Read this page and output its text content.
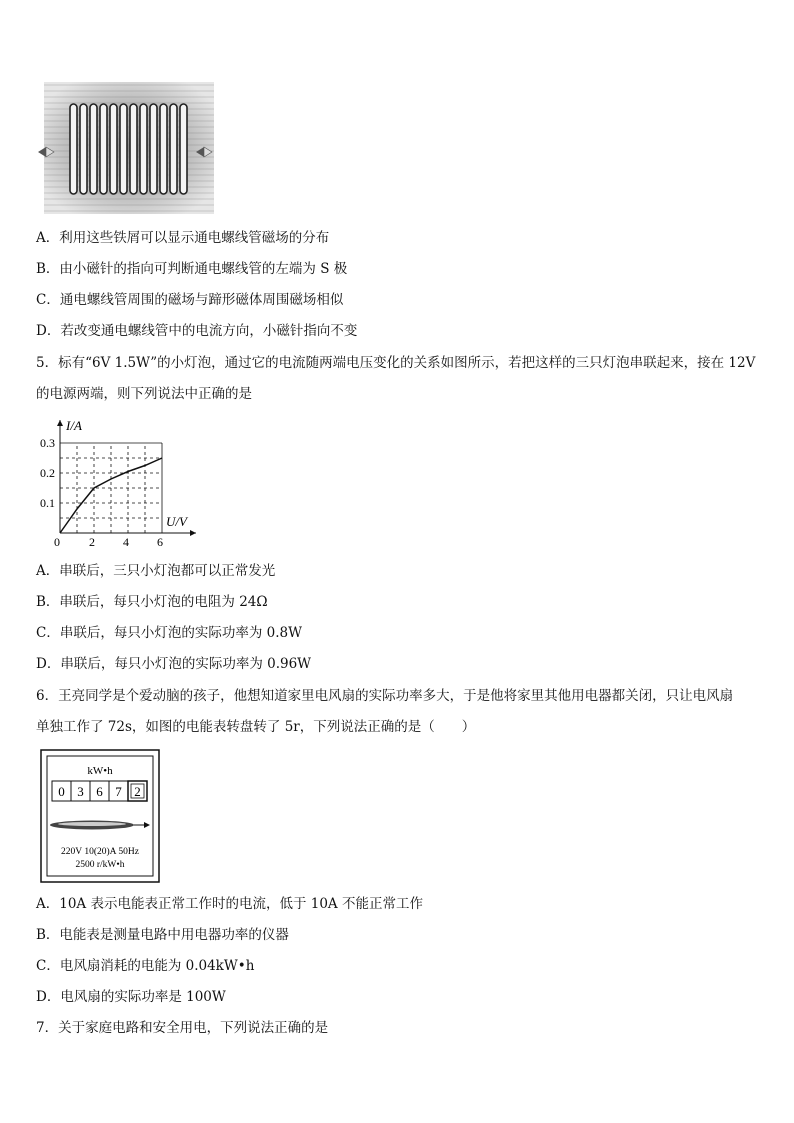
A．利用这些铁屑可以显示通电螺线管磁场的分布
B．由小磁针的指向可判断通电螺线管的左端为 S 极
C．通电螺线管周围的磁场与蹄形磁体周围磁场相似
D．若改变通电螺线管中的电流方向，小磁针指向不变
5．标有“6V 1.5W”的小灯泡，通过它的电流随两端电压变化的关系如图所示，若把这样的三只灯泡串联起来，接在 12V
的电源两端，则下列说法中正确的是
I/A
U/V
0 2 4 6
0.1
0.2
0.3
A．串联后，三只小灯泡都可以正常发光
B．串联后，每只小灯泡的电阻为 24Ω
C．串联后，每只小灯泡的实际功率为 0.8W
D．串联后，每只小灯泡的实际功率为 0.96W
6．王亮同学是个爱动脑的孩子，他想知道家里电风扇的实际功率多大，于是他将家里其他用电器都关闭，只让电风扇
单独工作了 72s，如图的电能表转盘转了 5r，下列说法正确的是（　　）
kW•h
0 3 6 7 2
220V 10(20)A 50Hz
2500 r/kW•h
A．10A 表示电能表正常工作时的电流，低于 10A 不能正常工作
B．电能表是测量电路中用电器功率的仪器
C．电风扇消耗的电能为 0.04kW•h
D．电风扇的实际功率是 100W
7．关于家庭电路和安全用电，下列说法正确的是
